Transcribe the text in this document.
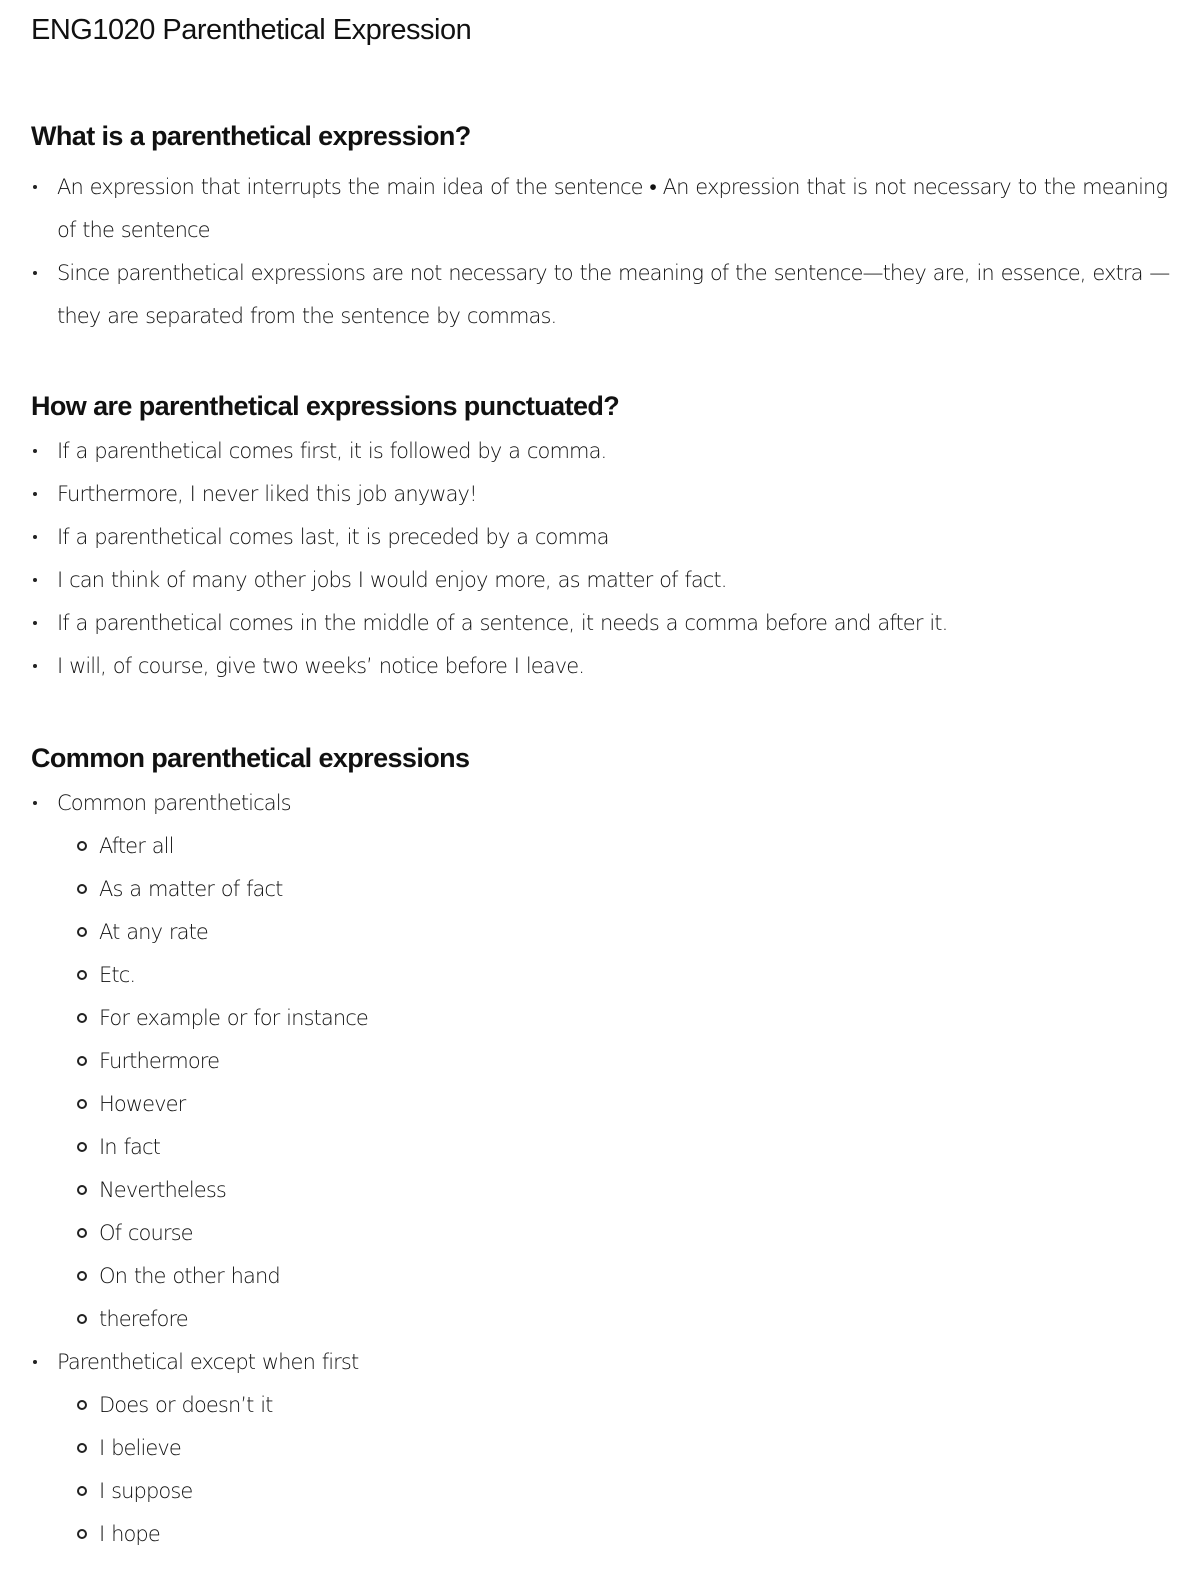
ENG1020 Parenthetical Expression
What is a parenthetical expression?
An expression that interrupts the main idea of the sentence • An expression that is not necessary to the meaning of the sentence
Since parenthetical expressions are not necessary to the meaning of the sentence—they are, in essence, extra — they are separated from the sentence by commas.
How are parenthetical expressions punctuated?
If a parenthetical comes first, it is followed by a comma.
Furthermore, I never liked this job anyway!
If a parenthetical comes last, it is preceded by a comma
I can think of many other jobs I would enjoy more, as matter of fact.
If a parenthetical comes in the middle of a sentence, it needs a comma before and after it.
I will, of course, give two weeks’ notice before I leave.
Common parenthetical expressions
Common parentheticals
After all
As a matter of fact
At any rate
Etc.
For example or for instance
Furthermore
However
In fact
Nevertheless
Of course
On the other hand
therefore
Parenthetical except when first
Does or doesn’t it
I believe
I suppose
I hope
